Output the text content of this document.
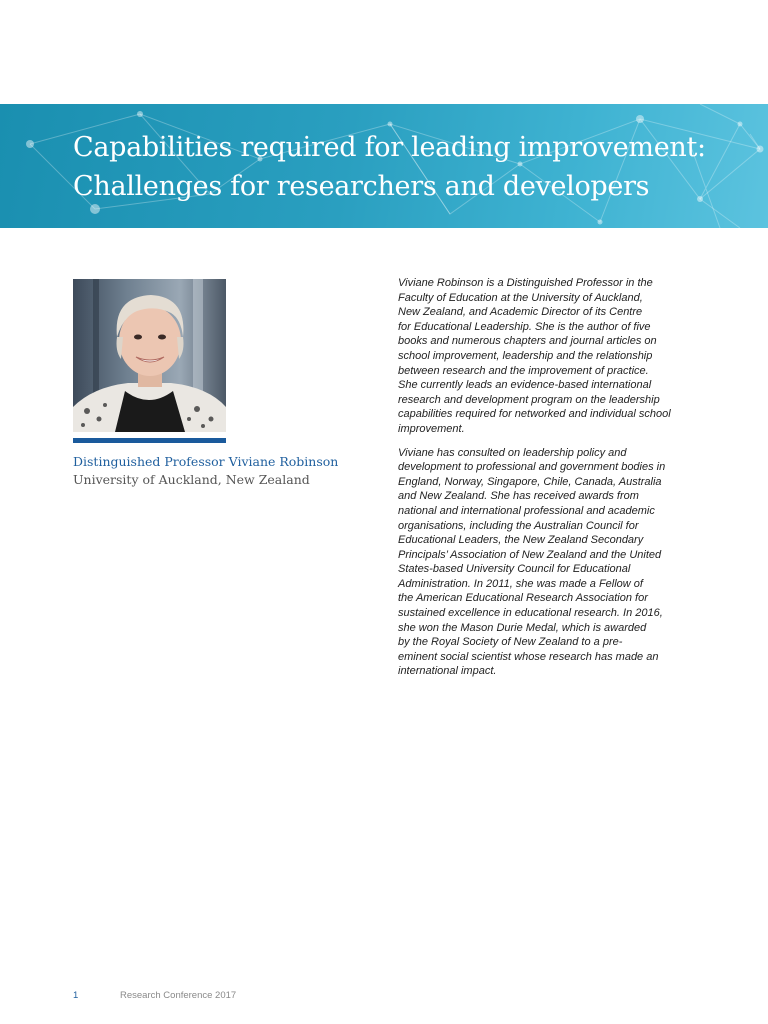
Capabilities required for leading improvement:
Challenges for researchers and developers
Distinguished Professor Viviane Robinson
University of Auckland, New Zealand

Viviane Robinson is a Distinguished Professor in the
Faculty of Education at the University of Auckland,
New Zealand, and Academic Director of its Centre
for Educational Leadership. She is the author of five
books and numerous chapters and journal articles on
school improvement, leadership and the relationship
between research and the improvement of practice.
She currently leads an evidence-based international
research and development program on the leadership
capabilities required for networked and individual school
improvement.

Viviane has consulted on leadership policy and
development to professional and government bodies in
England, Norway, Singapore, Chile, Canada, Australia
and New Zealand. She has received awards from
national and international professional and academic
organisations, including the Australian Council for
Educational Leaders, the New Zealand Secondary
Principals’ Association of New Zealand and the United
States-based University Council for Educational
Administration. In 2011, she was made a Fellow of
the American Educational Research Association for
sustained excellence in educational research. In 2016,
she won the Mason Durie Medal, which is awarded
by the Royal Society of New Zealand to a pre-
eminent social scientist whose research has made an
international impact.

1	Research Conference 2017
